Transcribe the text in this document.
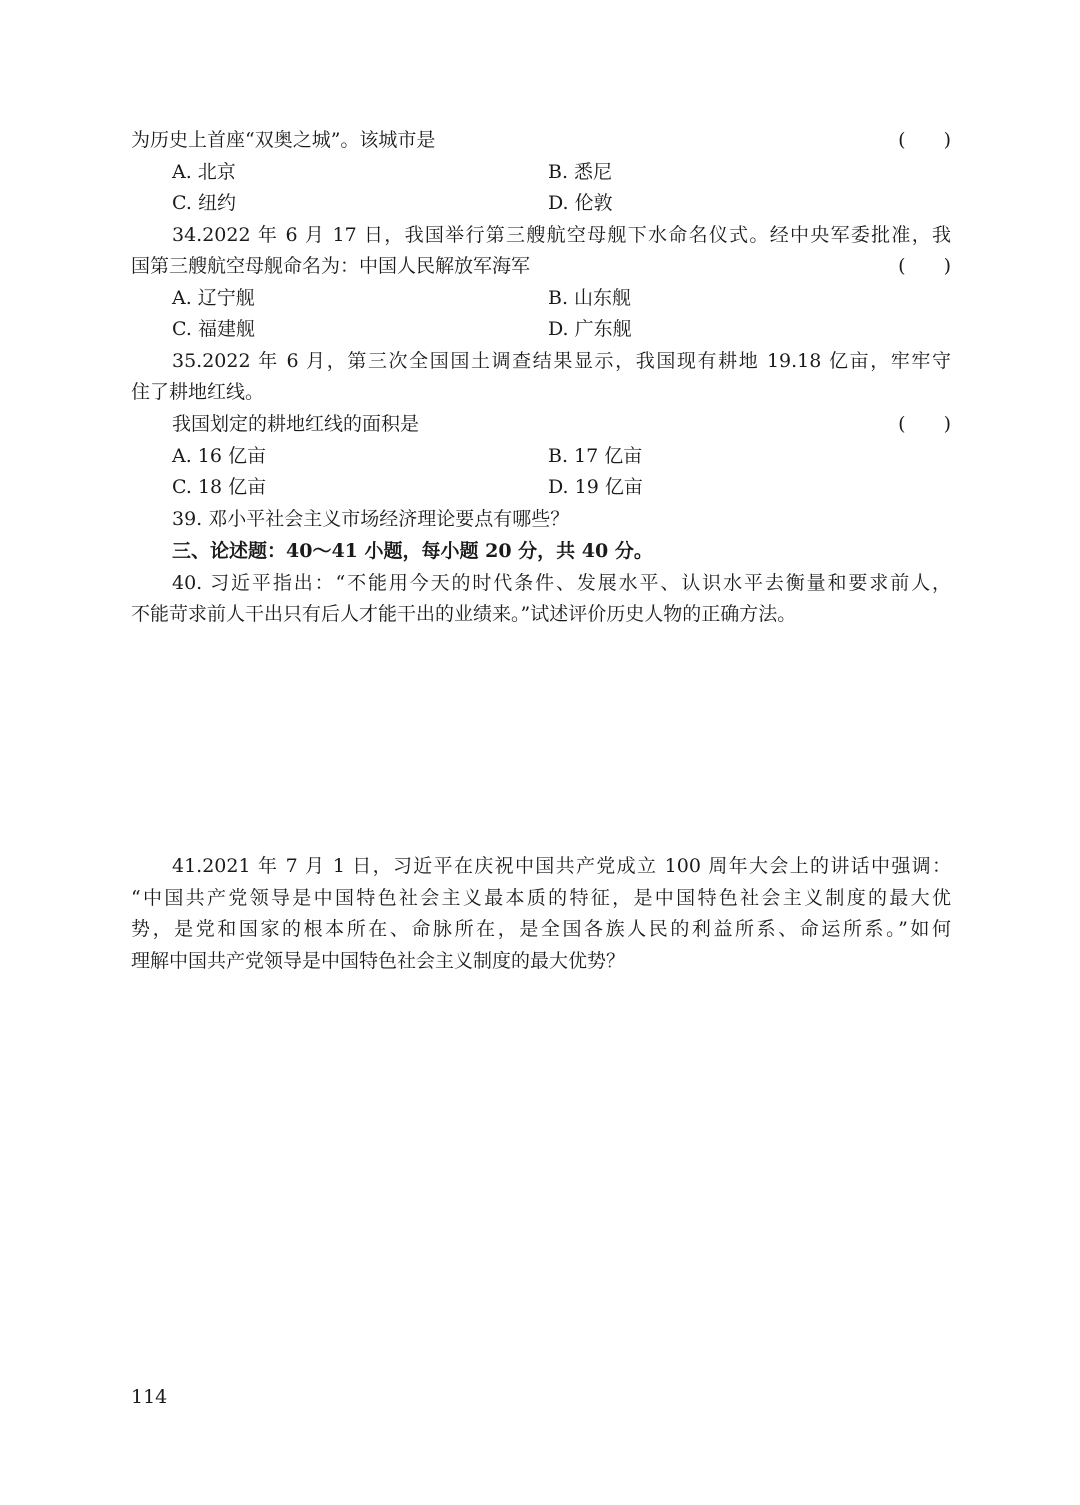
为历史上首座“双奥之城”。该城市是	(　　)
A. 北京	B. 悉尼
C. 纽约	D. 伦敦
34.2022 年 6 月 17 日，我国举行第三艘航空母舰下水命名仪式。经中央军委批准，我
国第三艘航空母舰命名为：中国人民解放军海军	(　　)
A. 辽宁舰	B. 山东舰
C. 福建舰	D. 广东舰
35.2022 年 6 月，第三次全国国土调查结果显示，我国现有耕地 19.18 亿亩，牢牢守
住了耕地红线。
我国划定的耕地红线的面积是	(　　)
A. 16 亿亩	B. 17 亿亩
C. 18 亿亩	D. 19 亿亩
39. 邓小平社会主义市场经济理论要点有哪些？
三、论述题：40～41 小题，每小题 20 分，共 40 分。
40. 习近平指出：“不能用今天的时代条件、发展水平、认识水平去衡量和要求前人，
不能苛求前人干出只有后人才能干出的业绩来。”试述评价历史人物的正确方法。
41.2021 年 7 月 1 日，习近平在庆祝中国共产党成立 100 周年大会上的讲话中强调：
“中国共产党领导是中国特色社会主义最本质的特征，是中国特色社会主义制度的最大优
势，是党和国家的根本所在、命脉所在，是全国各族人民的利益所系、命运所系。”如何
理解中国共产党领导是中国特色社会主义制度的最大优势？
114
